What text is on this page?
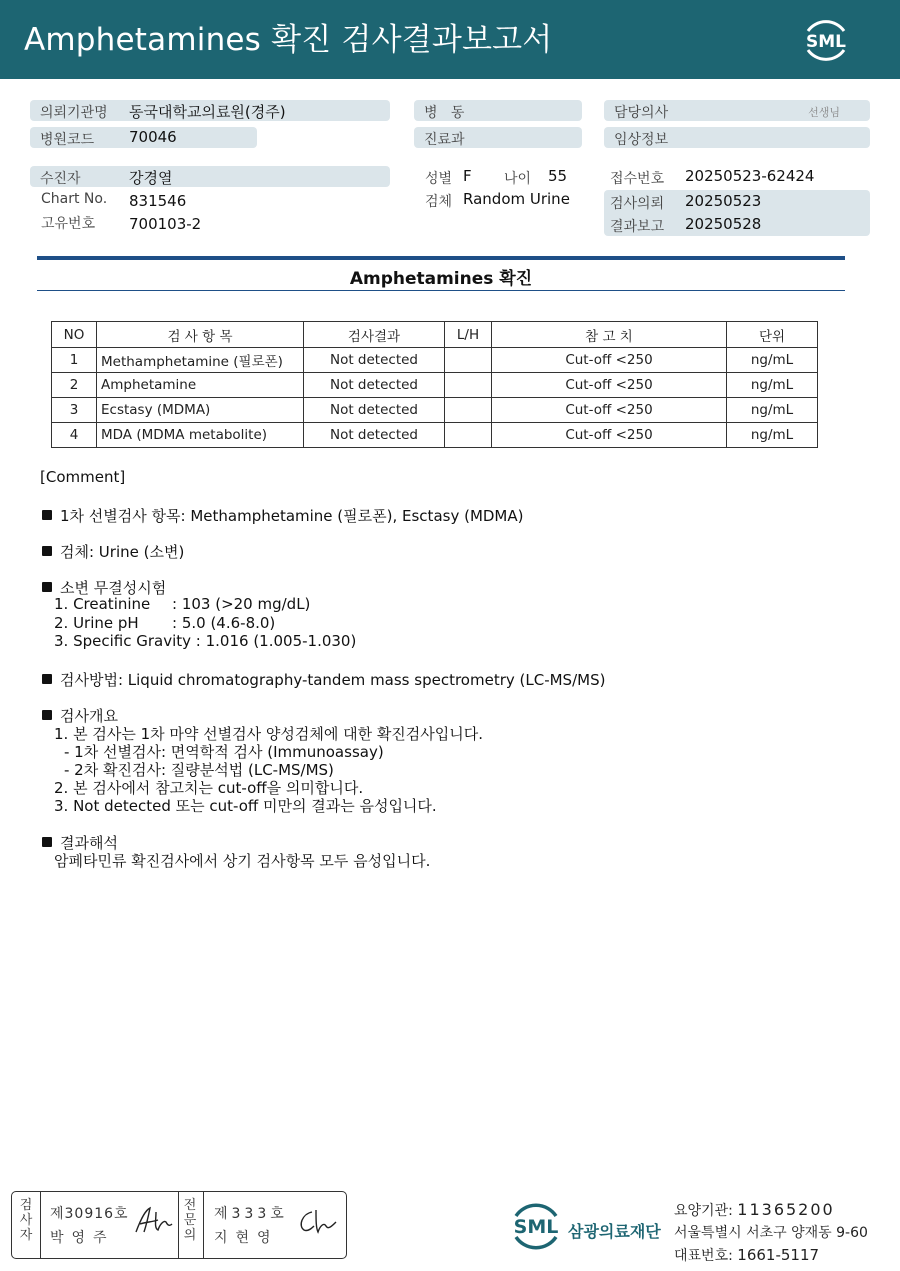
Amphetamines 확진 검사결과보고서	SML
의뢰기관명 동국대학교의료원(경주)	병   동	담당의사	선생님
병원코드 70046	진료과	임상정보
수진자	강경열
Chart No. 831546
고유번호 700103-2
성별 F 나이 55
검체 Random Urine
접수번호 20250523-62424
검사의뢰 20250523
결과보고 20250528
Amphetamines 확진
NO	검 사 항 목	검사결과	L/H	참 고 치	단위
1	Methamphetamine (필로폰)	Not detected		Cut-off <250	ng/mL
2	Amphetamine	Not detected		Cut-off <250	ng/mL
3	Ecstasy (MDMA)	Not detected		Cut-off <250	ng/mL
4	MDA (MDMA metabolite)	Not detected		Cut-off <250	ng/mL
[Comment]
1차 선별검사 항목: Methamphetamine (필로폰), Esctasy (MDMA)
검체: Urine (소변)
소변 무결성시험
1. Creatinine : 103 (>20 mg/dL)
2. Urine pH : 5.0 (4.6-8.0)
3. Specific Gravity : 1.016 (1.005-1.030)
검사방법: Liquid chromatography-tandem mass spectrometry (LC-MS/MS)
검사개요
1. 본 검사는 1차 마약 선별검사 양성검체에 대한 확진검사입니다.
- 1차 선별검사: 면역학적 검사 (Immunoassay)
- 2차 확진검사: 질량분석법 (LC-MS/MS)
2. 본 검사에서 참고치는 cut-off을 의미합니다.
3. Not detected 또는 cut-off 미만의 결과는 음성입니다.
결과해석
암페타민류 확진검사에서 상기 검사항목 모두 음성입니다.
검
사
자
제30916호
박영주
전
문
의
제333호
지현영	SML 삼광의료재단
요양기관: 11365200
서울특별시 서초구 양재동 9-60
대표번호: 1661-5117
